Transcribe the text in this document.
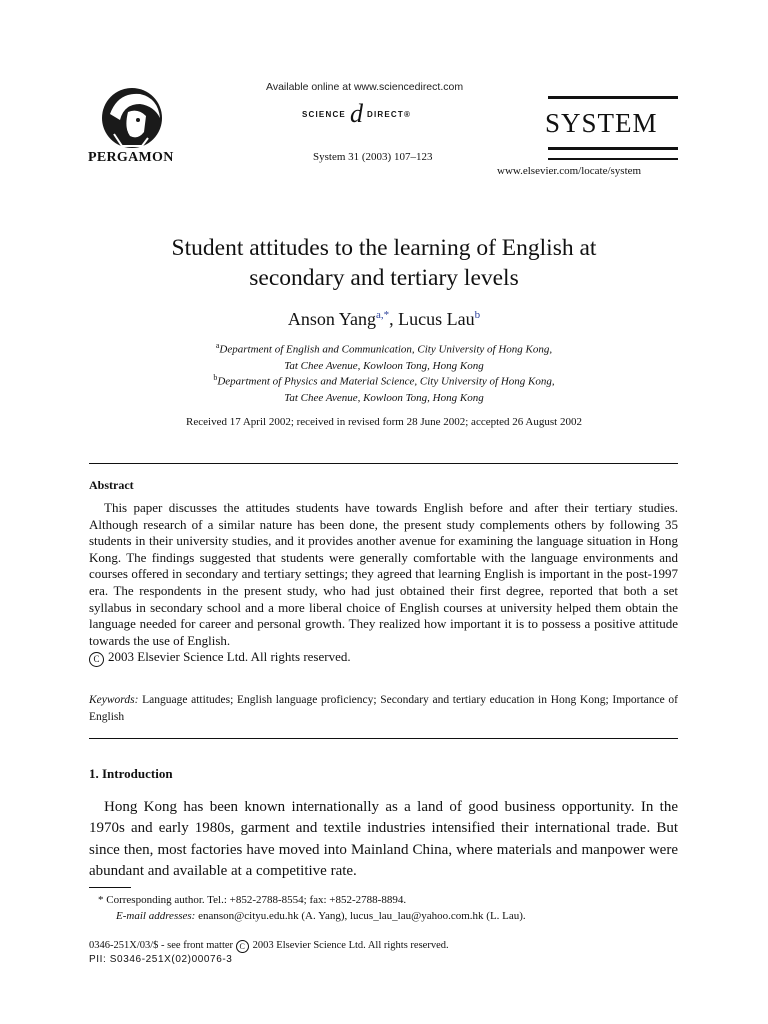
PERGAMON
Available online at www.sciencedirect.com
SCIENCE d DIRECT®
System 31 (2003) 107–123
SYSTEM
www.elsevier.com/locate/system
Student attitudes to the learning of English at
secondary and tertiary levels
Anson Yang$^{a,*}$, Lucus Lau$^b$
$^a$Department of English and Communication, City University of Hong Kong,
Tat Chee Avenue, Kowloon Tong, Hong Kong
$^b$Department of Physics and Material Science, City University of Hong Kong,
Tat Chee Avenue, Kowloon Tong, Hong Kong
Received 17 April 2002; received in revised form 28 June 2002; accepted 26 August 2002
Abstract

This paper discusses the attitudes students have towards English before and after their tertiary studies. Although research of a similar nature has been done, the present study complements others by following 35 students in their university studies, and it provides another avenue for examining the language situation in Hong Kong. The findings suggested that students were generally comfortable with the language environments and courses offered in secondary and tertiary settings; they agreed that learning English is important in the post-1997 era. The respondents in the present study, who had just obtained their first degree, reported that both a set syllabus in secondary school and a more liberal choice of English courses at university helped them obtain the language needed for career and personal growth. They realized how important it is to possess a positive attitude towards the use of English.

C 2003 Elsevier Science Ltd. All rights reserved.

Keywords: Language attitudes; English language proficiency; Secondary and tertiary education in Hong Kong; Importance of English
1. Introduction

Hong Kong has been known internationally as a land of good business opportunity. In the 1970s and early 1980s, garment and textile industries intensified their international trade. But since then, most factories have moved into Mainland China, where materials and manpower were abundant and available at a competitive rate.

* Corresponding author. Tel.: +852-2788-8554; fax: +852-2788-8894.
E-mail addresses: enanson@cityu.edu.hk (A. Yang), lucus_lau_lau@yahoo.com.hk (L. Lau).
0346-251X/03/$ - see front matter C 2003 Elsevier Science Ltd. All rights reserved.
PII: S0346-251X(02)00076-3
